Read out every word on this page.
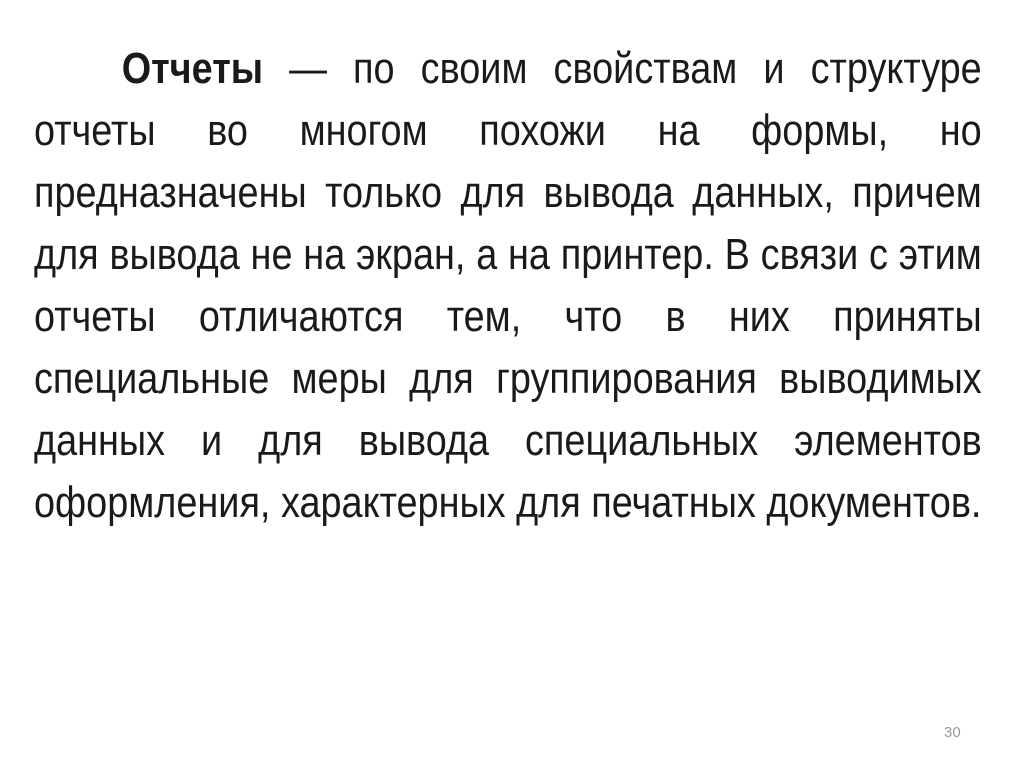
Отчеты — по своим свойствам и структуре отчеты во многом похожи на формы, но предназначены только для вывода данных, причем для вывода не на экран, а на принтер. В связи с этим отчеты отличаются тем, что в них приняты специальные меры для группирования выводимых данных и для вывода специальных элементов оформления, характерных для печатных документов.

30
